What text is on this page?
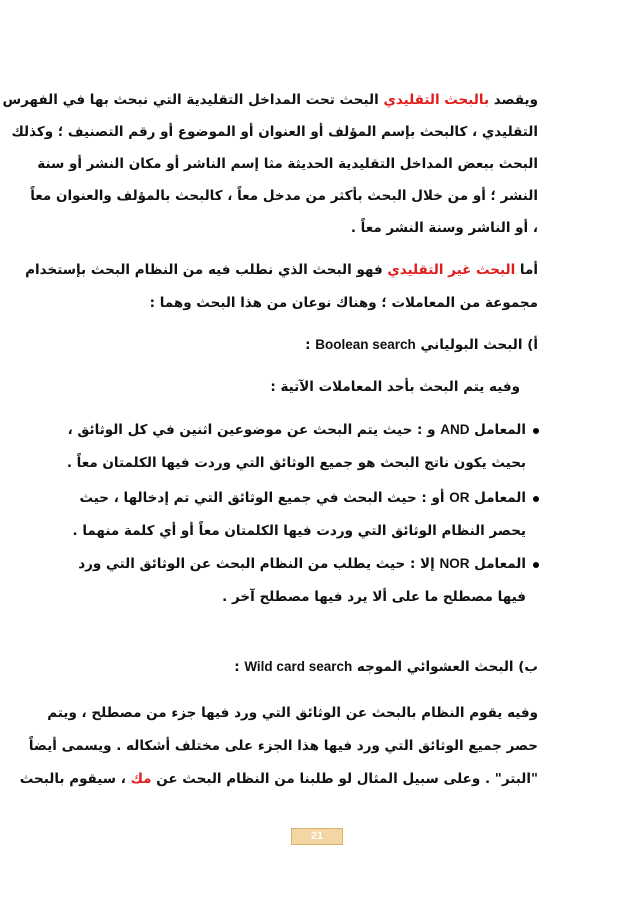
ويقصد بالبحث التقليدي البحث تحت المداخل التقليدية التي نبحث بها في الفهرس
التقليدي ، كالبحث بإسم المؤلف أو العنوان أو الموضوع أو رقم التصنيف ؛ وكذلك
البحث ببعض المداخل التقليدية الحديثة مثا إسم الناشر أو مكان النشر أو سنة
النشر ؛ أو من خلال البحث بأكثر من مدخل معاً ، كالبحث بالمؤلف والعنوان معاً
، أو الناشر وسنة النشر معاً .
أما البحث غير التقليدي فهو البحث الذي نطلب فيه من النظام البحث بإستخدام
مجموعة من المعاملات ؛ وهناك نوعان من هذا البحث وهما :
أ) البحث البولياني Boolean search :
وفيه يتم البحث بأحد المعاملات الآتية :
المعامل AND و : حيث يتم البحث عن موضوعين اثنين في كل الوثائق ،
بحيث يكون ناتج البحث هو جميع الوثائق التي وردت فيها الكلمتان معاً .
المعامل OR أو : حيث البحث في جميع الوثائق التي تم إدخالها ، حيث
يحصر النظام الوثائق التي وردت فيها الكلمتان معاً أو أي كلمة منهما .
المعامل NOR إلا : حيث يطلب من النظام البحث عن الوثائق التي ورد
فيها مصطلح ما على ألا يرد فيها مصطلح آخر .
ب) البحث العشوائي الموجه Wild card search :
وفيه يقوم النظام بالبحث عن الوثائق التي ورد فيها جزء من مصطلح ، ويتم
حصر جميع الوثائق التي ورد فيها هذا الجزء على مختلف أشكاله . ويسمى أيضاً
"البتر" . وعلى سبيل المثال لو طلبنا من النظام البحث عن مك ، سيقوم بالبحث
21
